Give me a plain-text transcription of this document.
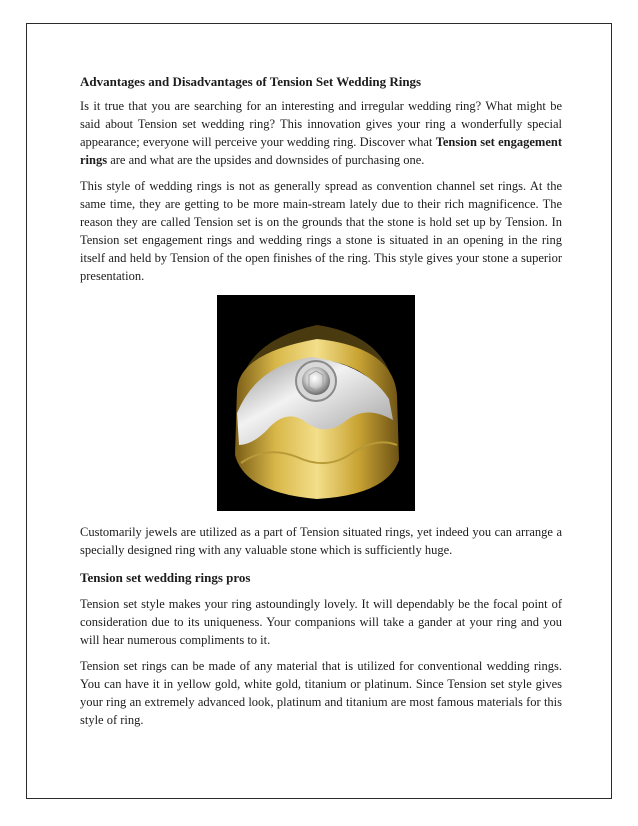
Advantages and Disadvantages of Tension Set Wedding Rings

Is it true that you are searching for an interesting and irregular wedding ring? What might be said about Tension set wedding ring? This innovation gives your ring a wonderfully special appearance; everyone will perceive your wedding ring. Discover what Tension set engagement rings are and what are the upsides and downsides of purchasing one.

This style of wedding rings is not as generally spread as convention channel set rings. At the same time, they are getting to be more main-stream lately due to their rich magnificence. The reason they are called Tension set is on the grounds that the stone is hold set up by Tension. In Tension set engagement rings and wedding rings a stone is situated in an opening in the ring itself and held by Tension of the open finishes of the ring. This style gives your stone a superior presentation.

Customarily jewels are utilized as a part of Tension situated rings, yet indeed you can arrange a specially designed ring with any valuable stone which is sufficiently huge.

Tension set wedding rings pros

Tension set style makes your ring astoundingly lovely. It will dependably be the focal point of consideration due to its uniqueness. Your companions will take a gander at your ring and you will hear numerous compliments to it.

Tension set rings can be made of any material that is utilized for conventional wedding rings. You can have it in yellow gold, white gold, titanium or platinum. Since Tension set style gives your ring an extremely advanced look, platinum and titanium are most famous materials for this style of ring.
